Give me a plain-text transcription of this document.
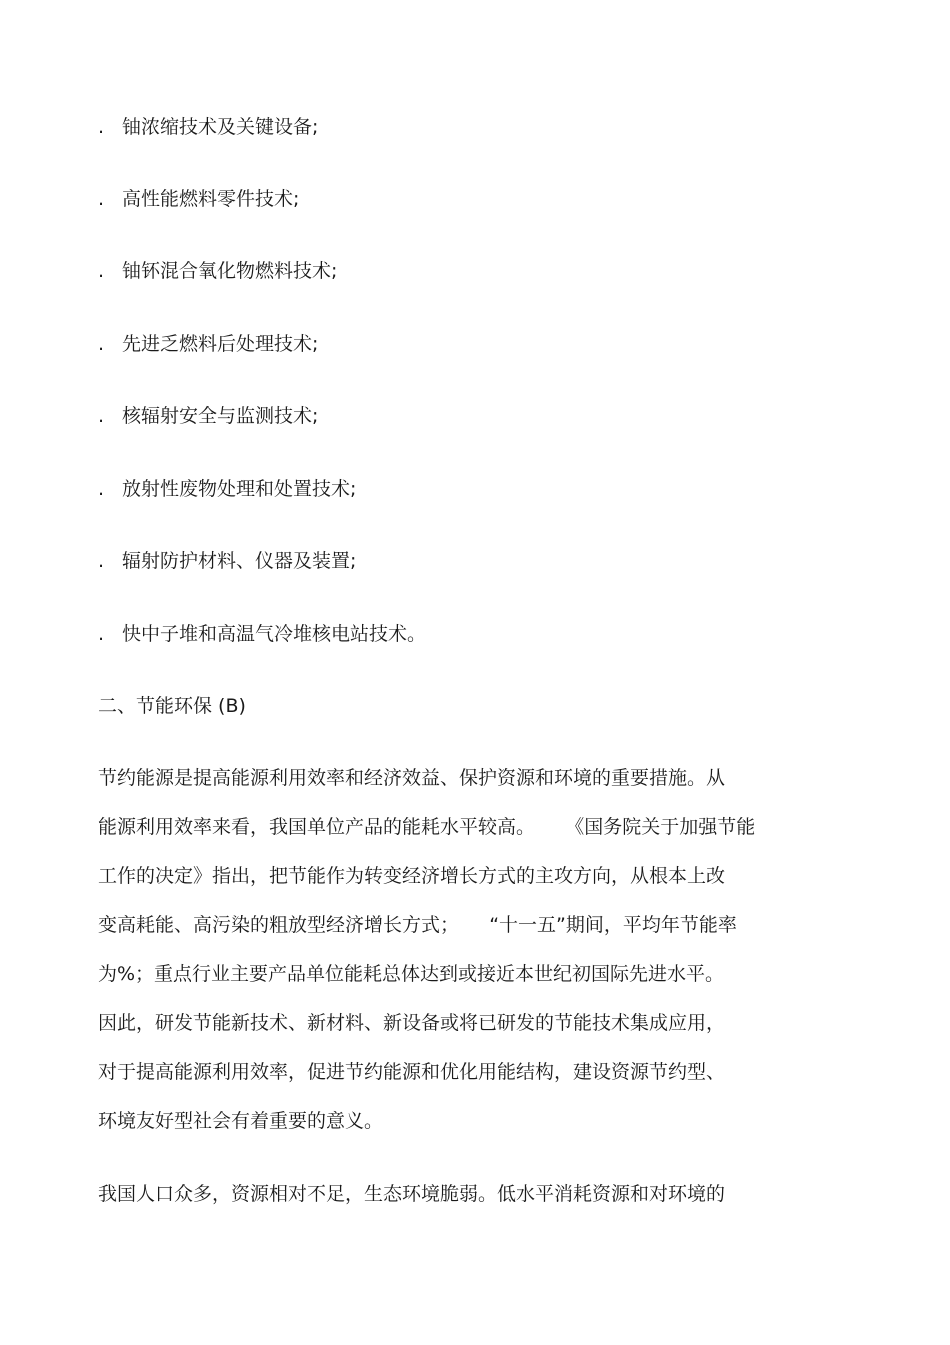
. 铀浓缩技术及关键设备;
. 高性能燃料零件技术;
. 铀钚混合氧化物燃料技术;
. 先进乏燃料后处理技术;
. 核辐射安全与监测技术;
. 放射性废物处理和处置技术;
. 辐射防护材料、仪器及装置;
. 快中子堆和高温气冷堆核电站技术。
二、节能环保 (B)
节约能源是提高能源利用效率和经济效益、保护资源和环境的重要措施。从
能源利用效率来看，我国单位产品的能耗水平较高。     《国务院关于加强节能
工作的决定》指出，把节能作为转变经济增长方式的主攻方向，从根本上改
变高耗能、高污染的粗放型经济增长方式；     “十一五”期间，平均年节能率
为%；重点行业主要产品单位能耗总体达到或接近本世纪初国际先进水平。
因此，研发节能新技术、新材料、新设备或将已研发的节能技术集成应用，
对于提高能源利用效率，促进节约能源和优化用能结构，建设资源节约型、
环境友好型社会有着重要的意义。
我国人口众多，资源相对不足，生态环境脆弱。低水平消耗资源和对环境的
